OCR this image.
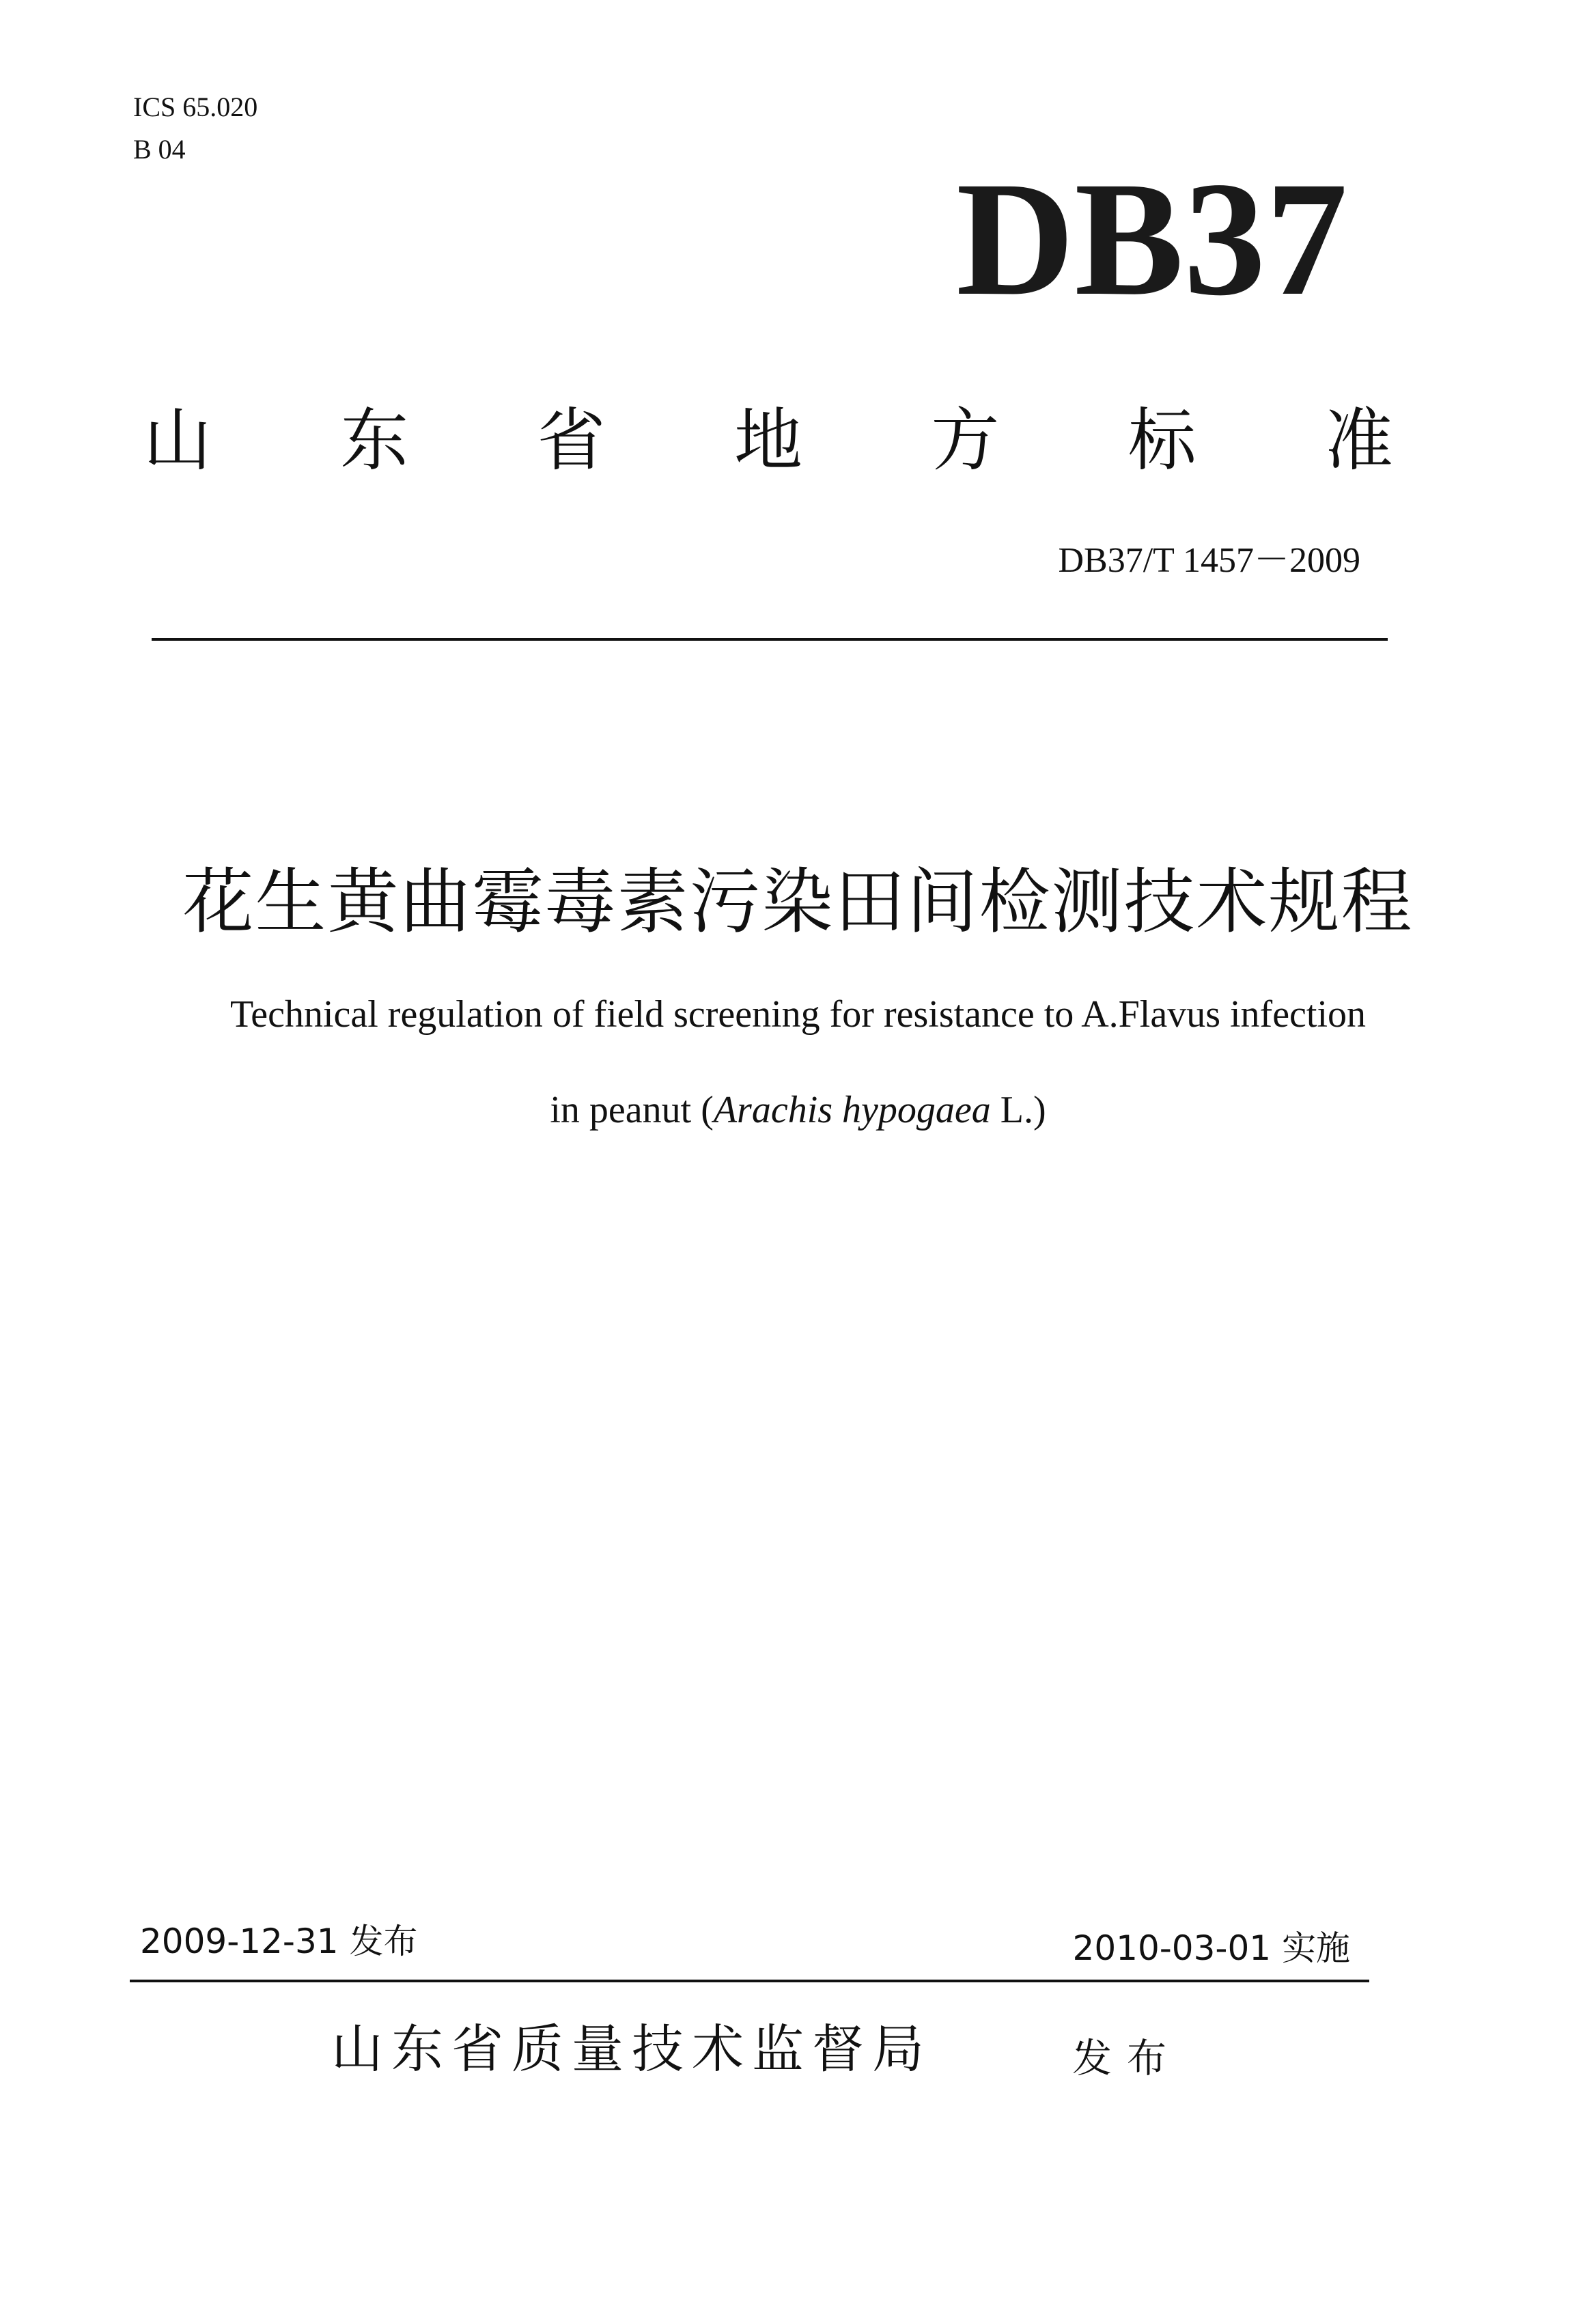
ICS 65.020
B 04	DB37
山 东 省 地 方 标 准
DB37/T 1457－2009
花生黄曲霉毒素污染田间检测技术规程
Technical regulation of field screening for resistance to A.Flavus infection
in peanut (Arachis hypogaea L.)
2009-12-31 发布	2010-03-01 实施
山东省质量技术监督局	发布
